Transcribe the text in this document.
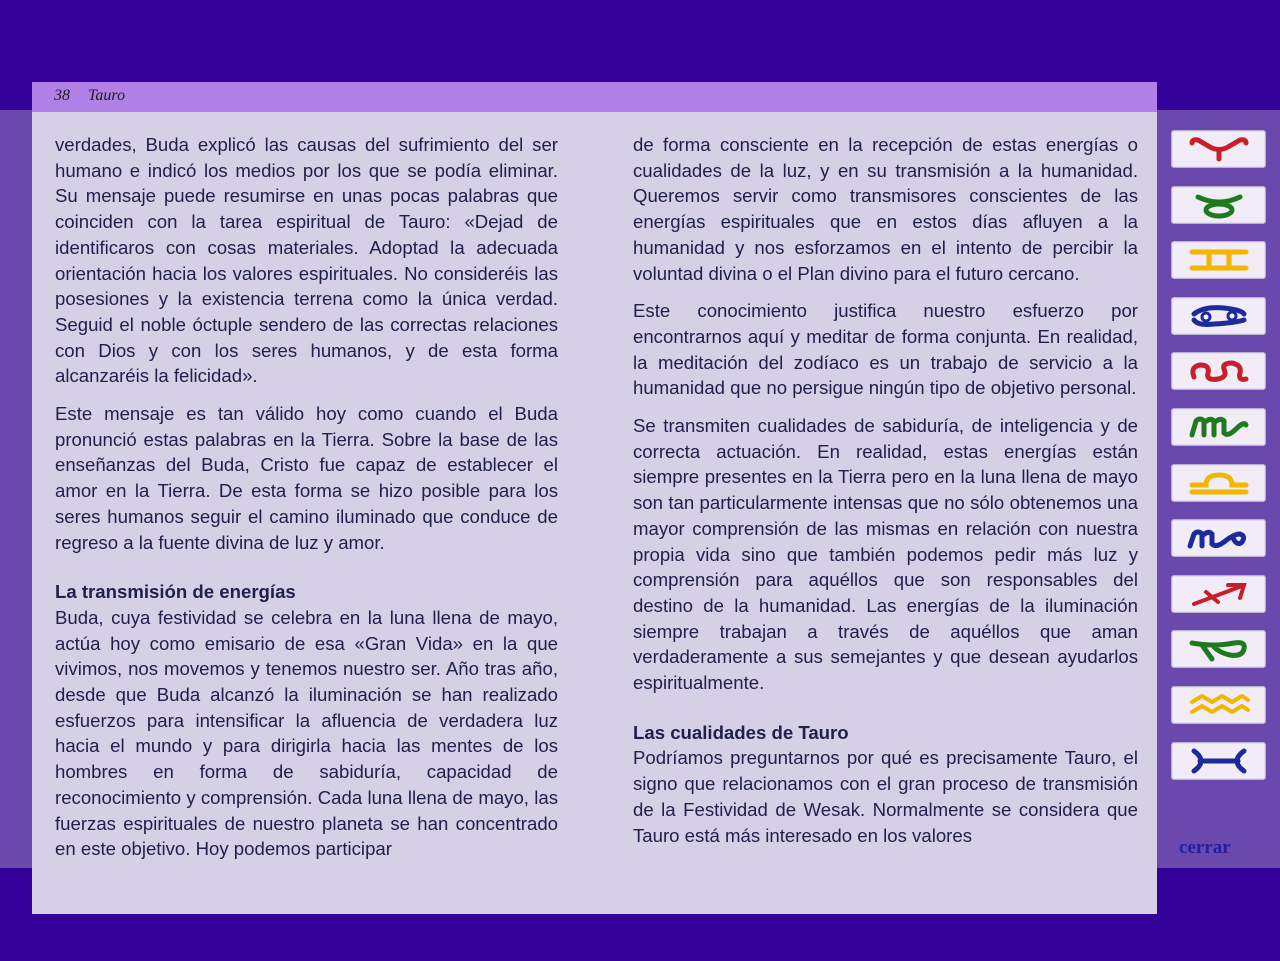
38 Tauro

verdades, Buda explicó las causas del sufrimiento del ser humano e indicó los medios por los que se podía eliminar. Su mensaje puede resumirse en unas pocas palabras que coinciden con la tarea espiritual de Tauro: «Dejad de identificaros con cosas materiales. Adoptad la adecuada orientación hacia los valores espirituales. No consideréis las posesiones y la existencia terrena como la única verdad. Seguid el noble óctuple sendero de las correctas relaciones con Dios y con los seres humanos, y de esta forma alcanzaréis la felicidad».

Este mensaje es tan válido hoy como cuando el Buda pronunció estas palabras en la Tierra. Sobre la base de las enseñanzas del Buda, Cristo fue capaz de establecer el amor en la Tierra. De esta forma se hizo posible para los seres humanos seguir el camino iluminado que conduce de regreso a la fuente divina de luz y amor.

La transmisión de energías

Buda, cuya festividad se celebra en la luna llena de mayo, actúa hoy como emisario de esa «Gran Vida» en la que vivimos, nos movemos y tenemos nuestro ser. Año tras año, desde que Buda alcanzó la iluminación se han realizado esfuerzos para intensificar la afluencia de verdadera luz hacia el mundo y para dirigirla hacia las mentes de los hombres en forma de sabiduría, capacidad de reconocimiento y comprensión. Cada luna llena de mayo, las fuerzas espirituales de nuestro planeta se han concentrado en este objetivo. Hoy podemos participar

de forma consciente en la recepción de estas energías o cualidades de la luz, y en su transmisión a la humanidad. Queremos servir como transmisores conscientes de las energías espirituales que en estos días afluyen a la humanidad y nos esforzamos en el intento de percibir la voluntad divina o el Plan divino para el futuro cercano.

Este conocimiento justifica nuestro esfuerzo por encontrarnos aquí y meditar de forma conjunta. En realidad, la meditación del zodíaco es un trabajo de servicio a la humanidad que no persigue ningún tipo de objetivo personal.

Se transmiten cualidades de sabiduría, de inteligencia y de correcta actuación. En realidad, estas energías están siempre presentes en la Tierra pero en la luna llena de mayo son tan particularmente intensas que no sólo obtenemos una mayor comprensión de las mismas en relación con nuestra propia vida sino que también podemos pedir más luz y comprensión para aquéllos que son responsables del destino de la humanidad. Las energías de la iluminación siempre trabajan a través de aquéllos que aman verdaderamente a sus semejantes y que desean ayudarlos espiritualmente.

Las cualidades de Tauro

Podríamos preguntarnos por qué es precisamente Tauro, el signo que relacionamos con el gran proceso de transmisión de la Festividad de Wesak. Normalmente se considera que Tauro está más interesado en los valores

cerrar
